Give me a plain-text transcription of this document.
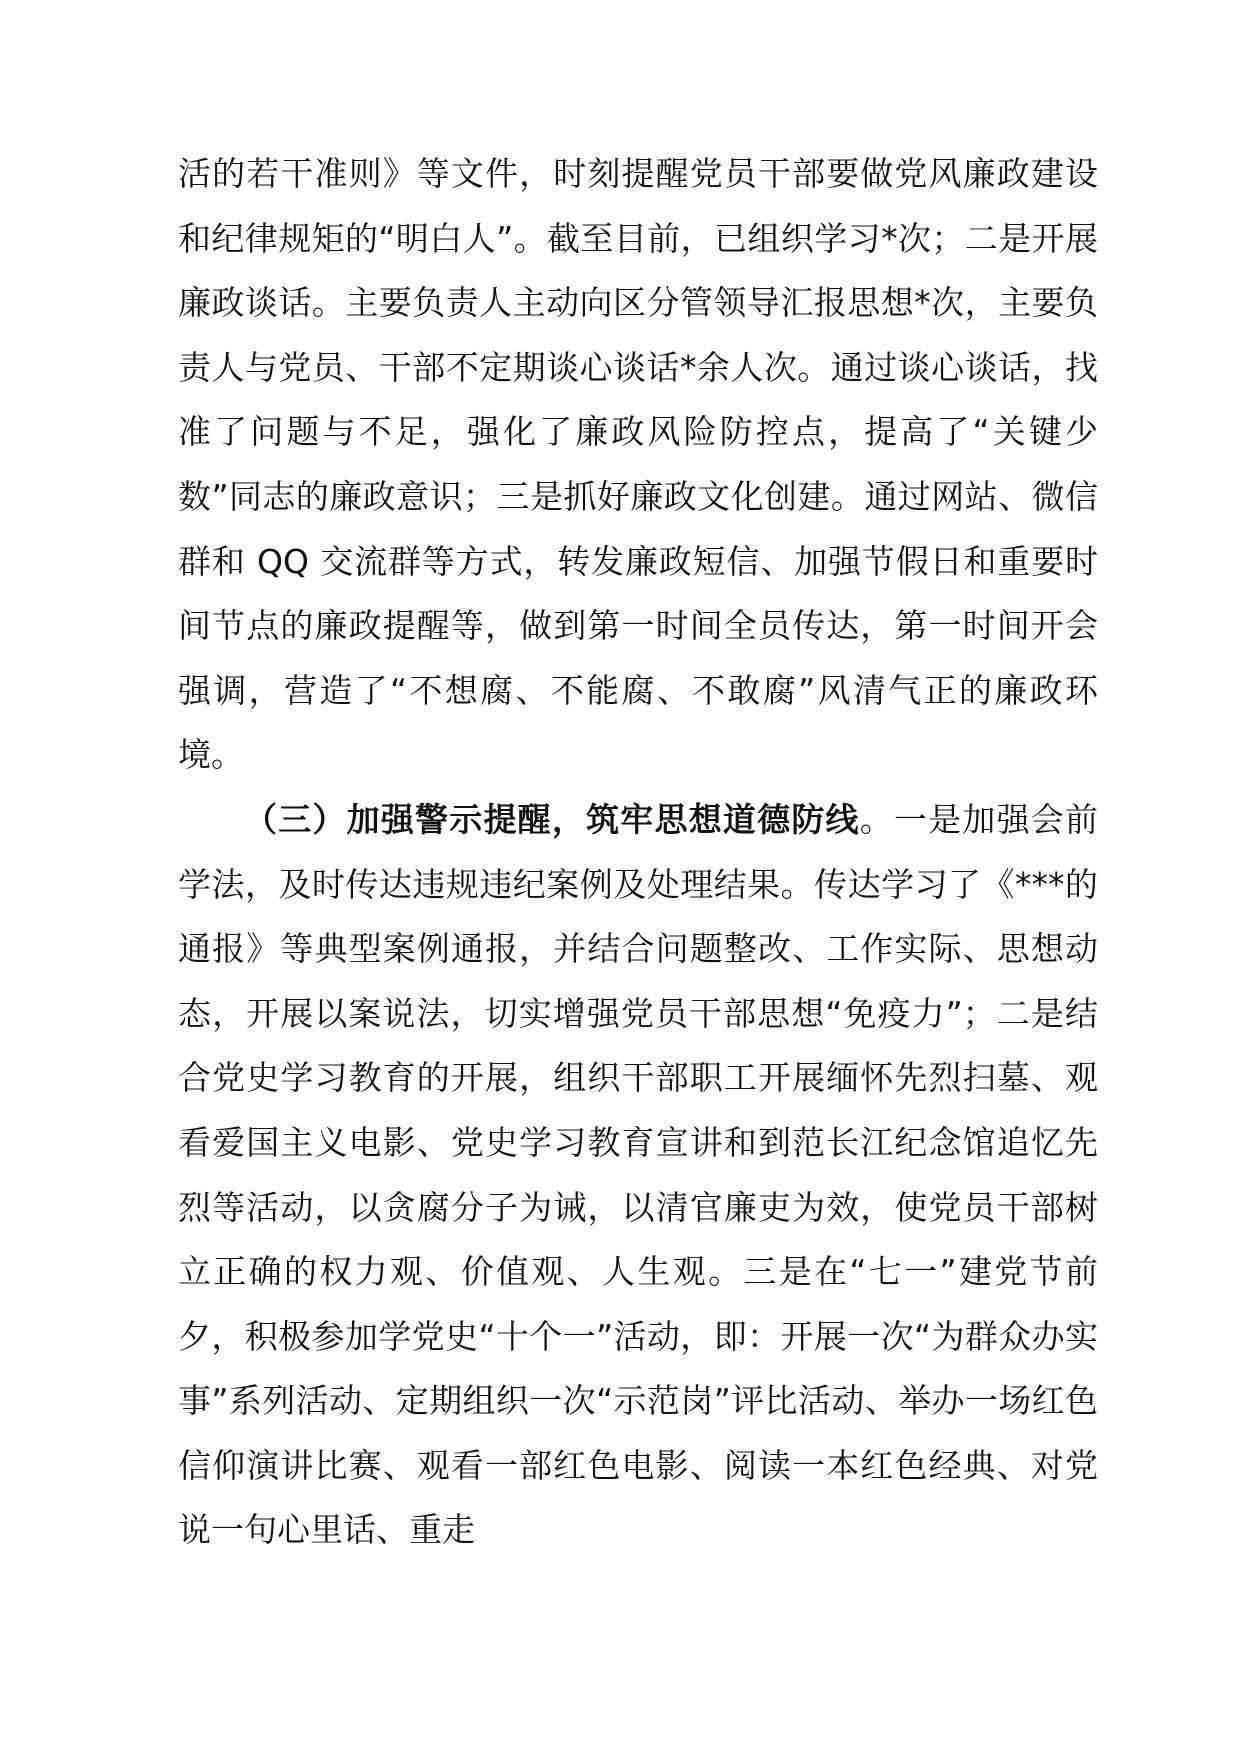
活的若干准则》等文件，时刻提醒党员干部要做党风廉政建设和纪律规矩的“明白人”。截至目前，已组织学习*次；二是开展廉政谈话。主要负责人主动向区分管领导汇报思想*次，主要负责人与党员、干部不定期谈心谈话*余人次。通过谈心谈话，找准了问题与不足，强化了廉政风险防控点，提高了“关键少数”同志的廉政意识；三是抓好廉政文化创建。通过网站、微信群和 QQ 交流群等方式，转发廉政短信、加强节假日和重要时间节点的廉政提醒等，做到第一时间全员传达，第一时间开会强调，营造了“不想腐、不能腐、不敢腐”风清气正的廉政环境。

（三）加强警示提醒，筑牢思想道德防线。一是加强会前学法，及时传达违规违纪案例及处理结果。传达学习了《***的通报》等典型案例通报，并结合问题整改、工作实际、思想动态，开展以案说法，切实增强党员干部思想“免疫力”；二是结合党史学习教育的开展，组织干部职工开展缅怀先烈扫墓、观看爱国主义电影、党史学习教育宣讲和到范长江纪念馆追忆先烈等活动，以贪腐分子为诫，以清官廉吏为效，使党员干部树立正确的权力观、价值观、人生观。三是在“七一”建党节前夕，积极参加学党史“十个一”活动，即：开展一次“为群众办实事”系列活动、定期组织一次“示范岗”评比活动、举办一场红色信仰演讲比赛、观看一部红色电影、阅读一本红色经典、对党说一句心里话、重走
